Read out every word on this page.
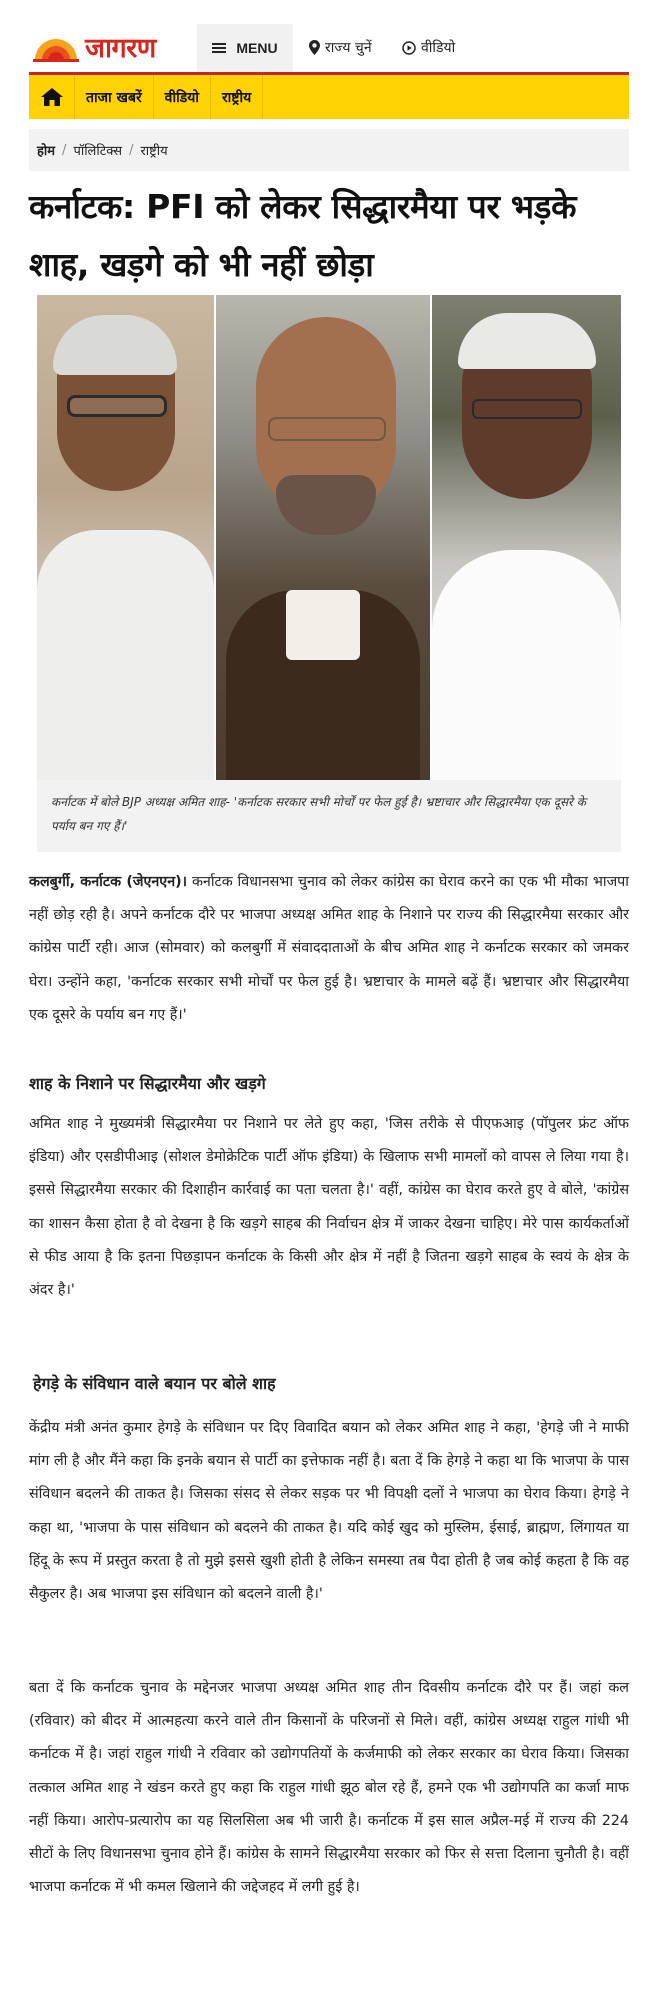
जागरण	MENU	राज्य चुनें	वीडियो
ताजा खबरें	वीडियो	राष्ट्रीय
होम / पॉलिटिक्स / राष्ट्रीय
कर्नाटक: PFI को लेकर सिद्धारमैया पर भड़के शाह, खड़गे को भी नहीं छोड़ा
कर्नाटक में बोले BJP अध्यक्ष अमित शाह- 'कर्नाटक सरकार सभी मोर्चों पर फेल हुई है। भ्रष्टाचार और सिद्धारमैया एक दूसरे के पर्याय बन गए हैं।'

कलबुर्गी, कर्नाटक (जेएनएन)। कर्नाटक विधानसभा चुनाव को लेकर कांग्रेस का घेराव करने का एक भी मौका भाजपा नहीं छोड़ रही है। अपने कर्नाटक दौरे पर भाजपा अध्यक्ष अमित शाह के निशाने पर राज्य की सिद्धारमैया सरकार और कांग्रेस पार्टी रही। आज (सोमवार) को कलबुर्गी में संवाददाताओं के बीच अमित शाह ने कर्नाटक सरकार को जमकर घेरा। उन्होंने कहा, 'कर्नाटक सरकार सभी मोर्चों पर फेल हुई है। भ्रष्टाचार के मामले बढ़ें हैं। भ्रष्टाचार और सिद्धारमैया एक दूसरे के पर्याय बन गए हैं।'

शाह के निशाने पर सिद्धारमैया और खड़गे

अमित शाह ने मुख्यमंत्री सिद्धारमैया पर निशाने पर लेते हुए कहा, 'जिस तरीके से पीएफआइ (पॉपुलर फ्रंट ऑफ इंडिया) और एसडीपीआइ (सोशल डेमोक्रेटिक पार्टी ऑफ इंडिया) के खिलाफ सभी मामलों को वापस ले लिया गया है। इससे सिद्धारमैया सरकार की दिशाहीन कार्रवाई का पता चलता है।' वहीं, कांग्रेस का घेराव करते हुए वे बोले, 'कांग्रेस का शासन कैसा होता है वो देखना है कि खड़गे साहब की निर्वाचन क्षेत्र में जाकर देखना चाहिए। मेरे पास कार्यकर्ताओं से फीड आया है कि इतना पिछड़ापन कर्नाटक के किसी और क्षेत्र में नहीं है जितना खड़गे साहब के स्वयं के क्षेत्र के अंदर है।'

हेगड़े के संविधान वाले बयान पर बोले शाह

केंद्रीय मंत्री अनंत कुमार हेगड़े के संविधान पर दिए विवादित बयान को लेकर अमित शाह ने कहा, 'हेगड़े जी ने माफी मांग ली है और मैंने कहा कि इनके बयान से पार्टी का इत्तेफाक नहीं है। बता दें कि हेगड़े ने कहा था कि भाजपा के पास संविधान बदलने की ताकत है। जिसका संसद से लेकर सड़क पर भी विपक्षी दलों ने भाजपा का घेराव किया। हेगड़े ने कहा था, 'भाजपा के पास संविधान को बदलने की ताकत है। यदि कोई खुद को मुस्लिम, ईसाई, ब्राह्मण, लिंगायत या हिंदू के रूप में प्रस्तुत करता है तो मुझे इससे खुशी होती है लेकिन समस्या तब पैदा होती है जब कोई कहता है कि वह सैकुलर है। अब भाजपा इस संविधान को बदलने वाली है।'

बता दें कि कर्नाटक चुनाव के मद्देनजर भाजपा अध्यक्ष अमित शाह तीन दिवसीय कर्नाटक दौरे पर हैं। जहां कल (रविवार) को बीदर में आत्महत्या करने वाले तीन किसानों के परिजनों से मिले। वहीं, कांग्रेस अध्यक्ष राहुल गांधी भी कर्नाटक में है। जहां राहुल गांधी ने रविवार को उद्योगपतियों के कर्जमाफी को लेकर सरकार का घेराव किया। जिसका तत्काल अमित शाह ने खंडन करते हुए कहा कि राहुल गांधी झूठ बोल रहे हैं, हमने एक भी उद्योगपति का कर्जा माफ नहीं किया। आरोप-प्रत्यारोप का यह सिलसिला अब भी जारी है। कर्नाटक में इस साल अप्रैल-मई में राज्य की 224 सीटों के लिए विधानसभा चुनाव होने हैं। कांग्रेस के सामने सिद्धारमैया सरकार को फिर से सत्ता दिलाना चुनौती है। वहीं भाजपा कर्नाटक में भी कमल खिलाने की जद्देजहद में लगी हुई है।
